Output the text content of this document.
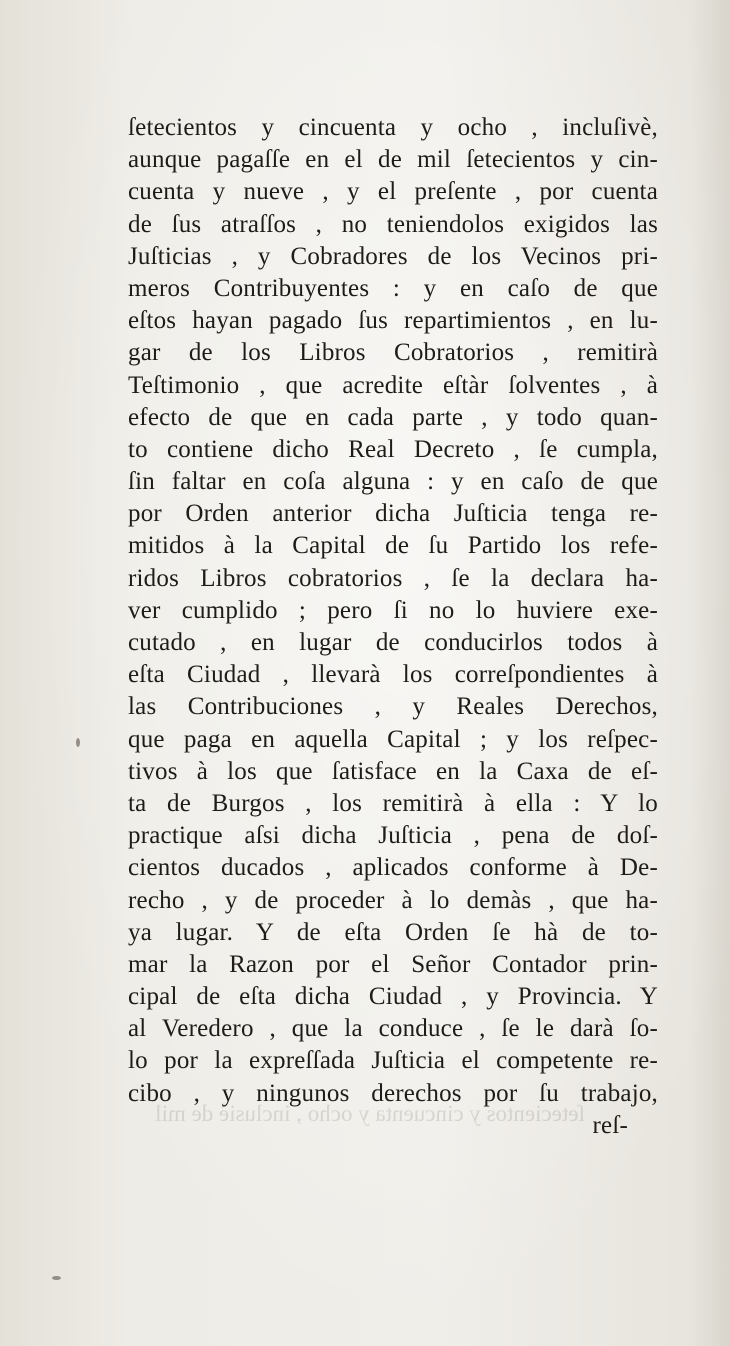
ſetecientos y cincuenta y ocho , inclusiè de mil
ſetecientos y cincuenta y ocho , incluſivè,
aunque pagaſſe en el de mil ſetecientos y cin-
cuenta y nueve , y el preſente , por cuenta
de ſus atraſſos , no teniendolos exigidos las
Juſticias , y Cobradores de los Vecinos pri-
meros Contribuyentes : y en caſo de que
eſtos hayan pagado ſus repartimientos , en lu-
gar de los Libros Cobratorios , remitirà
Teſtimonio , que acredite eſtàr ſolventes , à
efecto de que en cada parte , y todo quan-
to contiene dicho Real Decreto , ſe cumpla,
ſin faltar en coſa alguna : y en caſo de que
por Orden anterior dicha Juſticia tenga re-
mitidos à la Capital de ſu Partido los refe-
ridos Libros cobratorios , ſe la declara ha-
ver cumplido ; pero ſi no lo huviere exe-
cutado , en lugar de conducirlos todos à
eſta Ciudad , llevarà los correſpondientes à
las Contribuciones , y Reales Derechos,
que paga en aquella Capital ; y los reſpec-
tivos à los que ſatisface en la Caxa de eſ-
ta de Burgos , los remitirà à ella : Y lo
practique aſsi dicha Juſticia , pena de doſ-
cientos ducados , aplicados conforme à De-
recho , y de proceder à lo demàs , que ha-
ya lugar. Y de eſta Orden ſe hà de to-
mar la Razon por el Señor Contador prin-
cipal de eſta dicha Ciudad , y Provincia. Y
al Veredero , que la conduce , ſe le darà ſo-
lo por la expreſſada Juſticia el competente re-
cibo , y ningunos derechos por ſu trabajo,
reſ-
